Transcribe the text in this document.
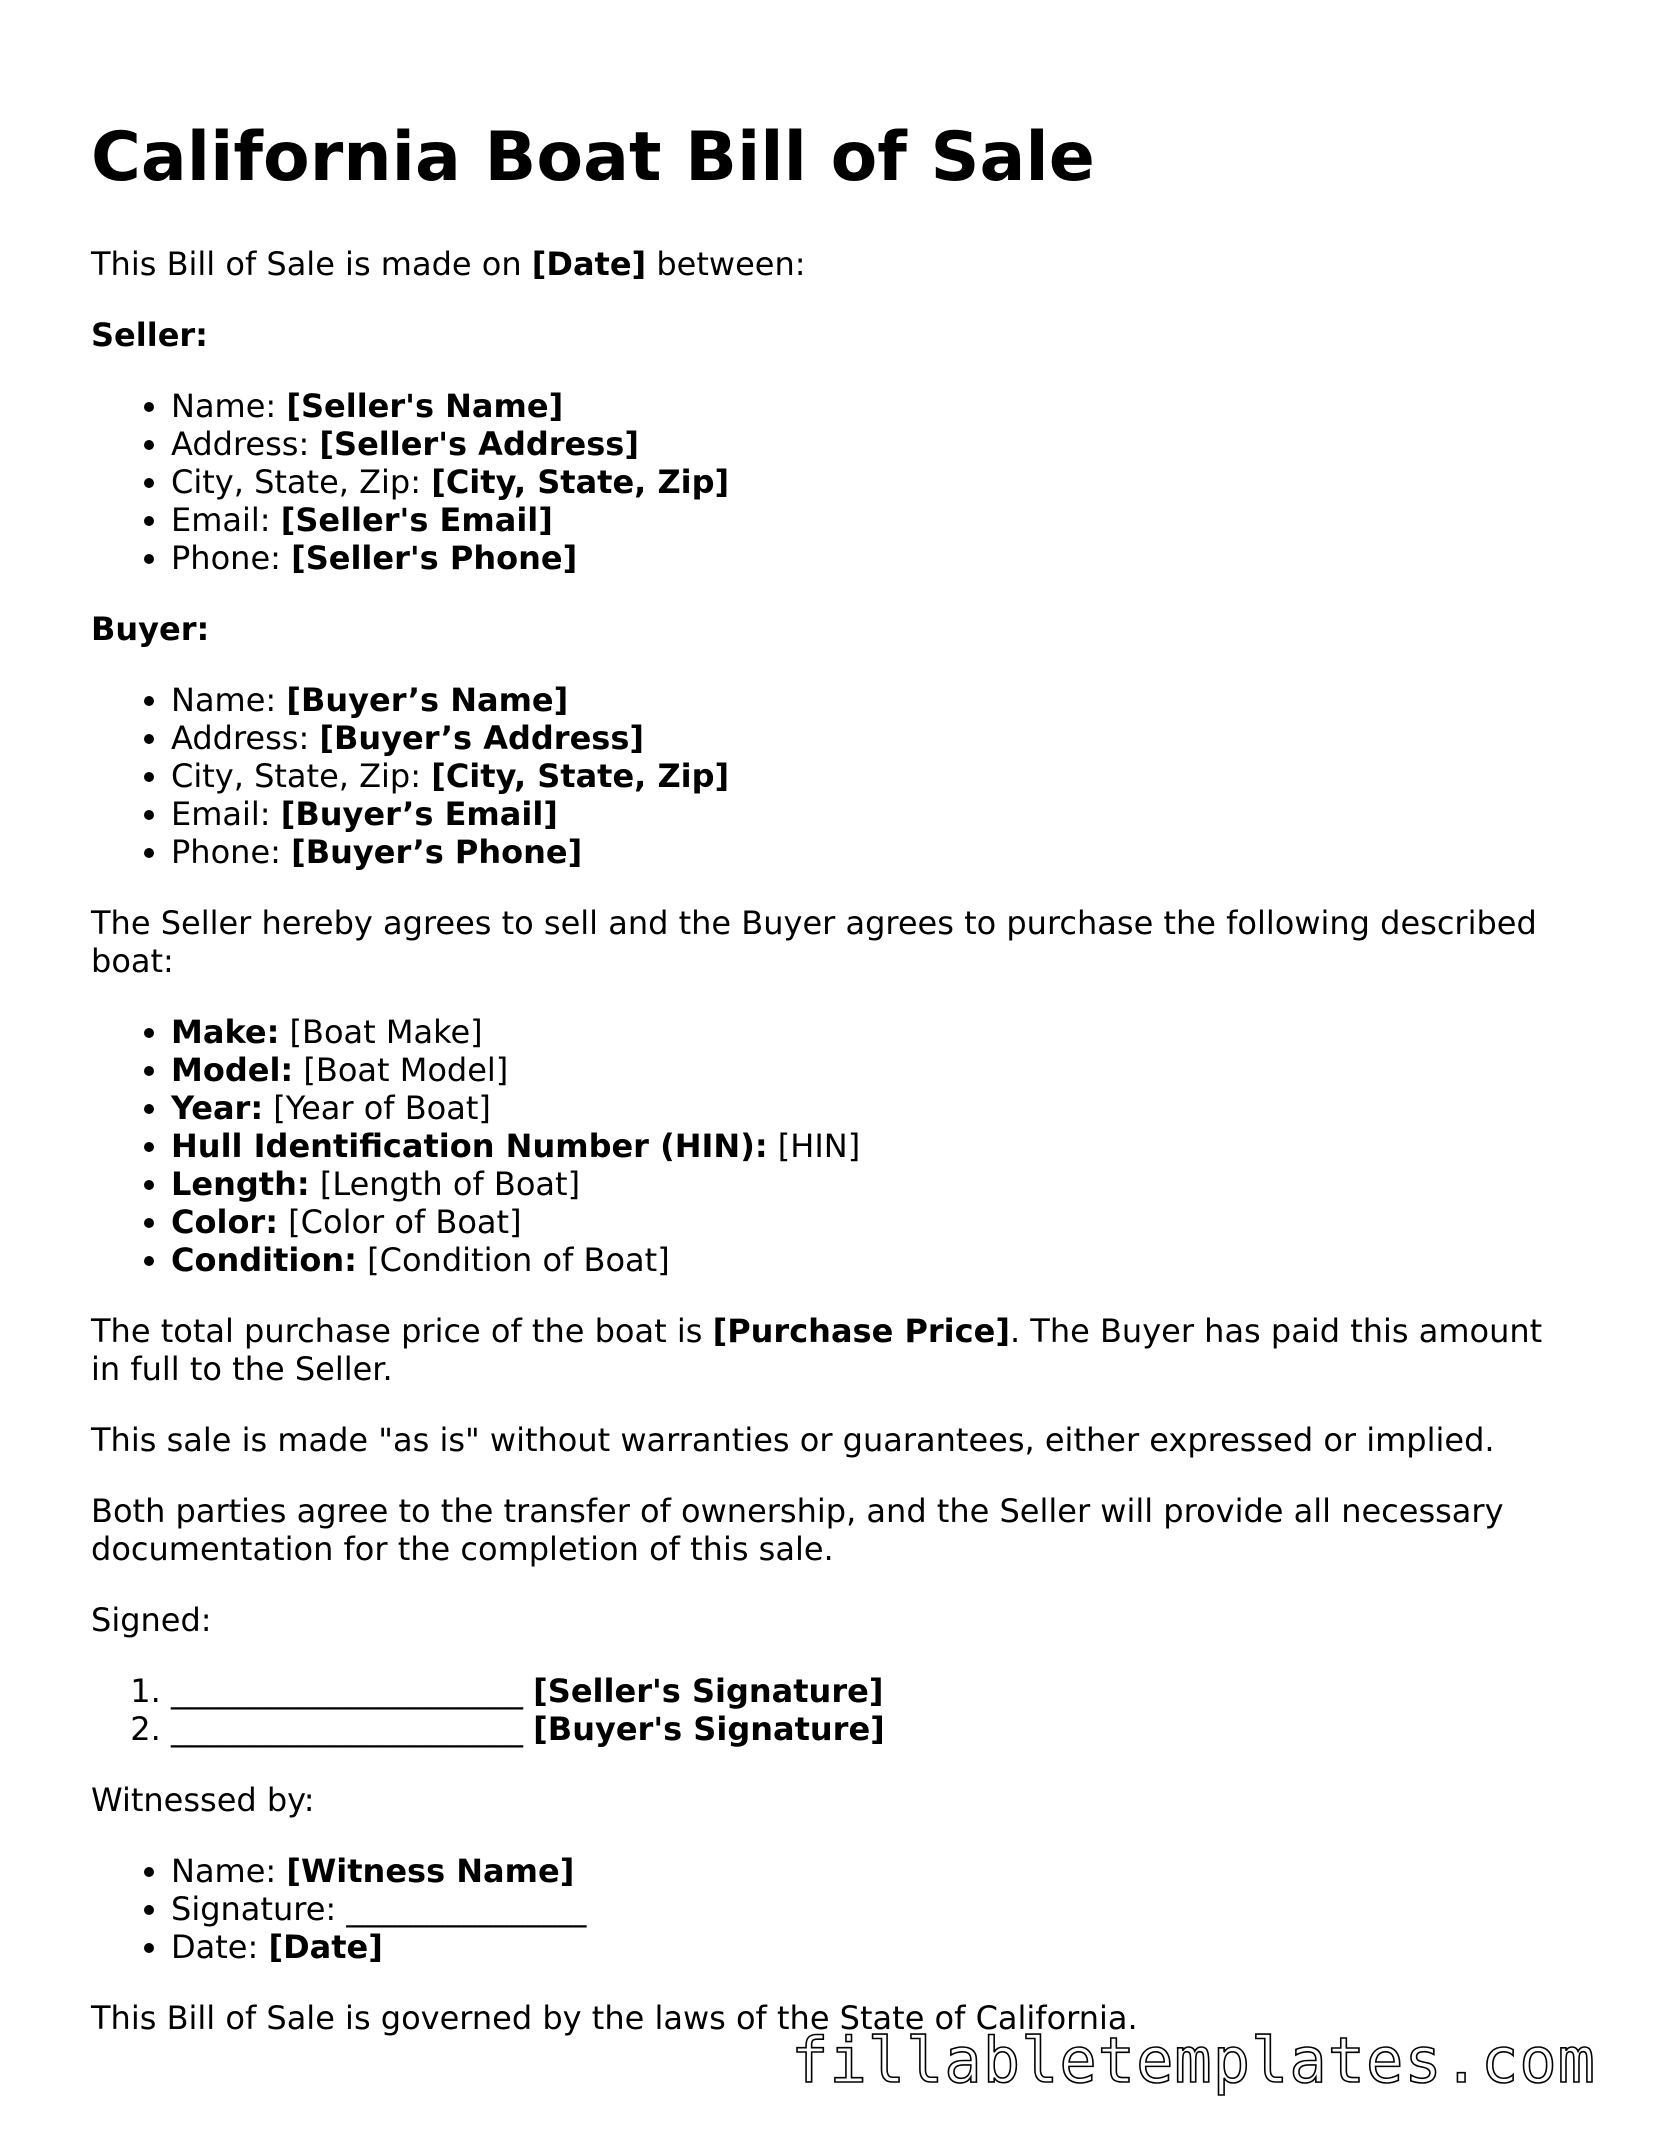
California Boat Bill of Sale

This Bill of Sale is made on [Date] between:

Seller:
• Name: [Seller's Name]
• Address: [Seller's Address]
• City, State, Zip: [City, State, Zip]
• Email: [Seller's Email]
• Phone: [Seller's Phone]
Buyer:
• Name: [Buyer’s Name]
• Address: [Buyer’s Address]
• City, State, Zip: [City, State, Zip]
• Email: [Buyer’s Email]
• Phone: [Buyer’s Phone]

The Seller hereby agrees to sell and the Buyer agrees to purchase the following described boat:

• Make: [Boat Make]
• Model: [Boat Model]
• Year: [Year of Boat]
• Hull Identification Number (HIN): [HIN]
• Length: [Length of Boat]
• Color: [Color of Boat]
• Condition: [Condition of Boat]

The total purchase price of the boat is [Purchase Price]. The Buyer has paid this amount in full to the Seller.

This sale is made "as is" without warranties or guarantees, either expressed or implied.

Both parties agree to the transfer of ownership, and the Seller will provide all necessary documentation for the completion of this sale.

Signed:

1. ______________________ [Seller's Signature]
2. ______________________ [Buyer's Signature]

Witnessed by:

• Name: [Witness Name]
• Signature: _______________
• Date: [Date]

This Bill of Sale is governed by the laws of the State of California.

fillabletemplates.com
